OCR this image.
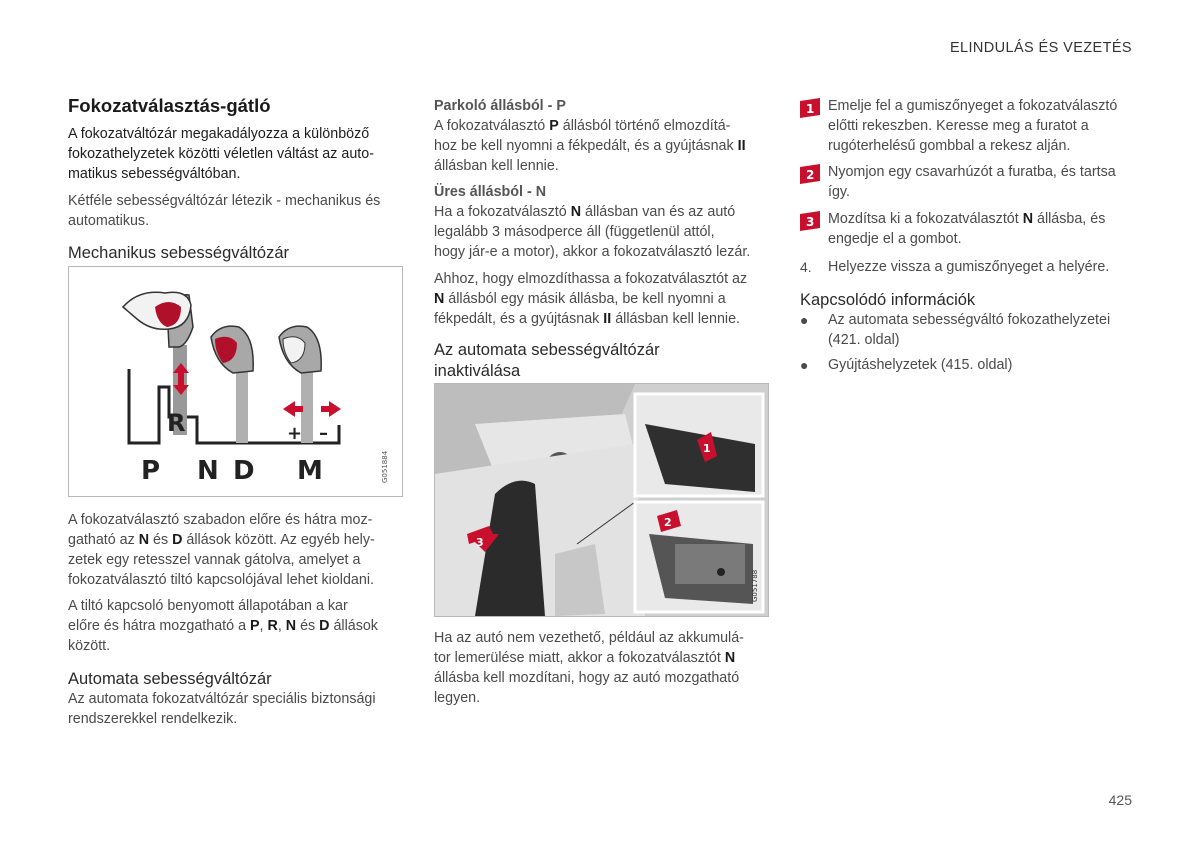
ELINDULÁS ÉS VEZETÉS
Fokozatválasztás-gátló
A fokozatváltózár megakadályozza a különböző
fokozathelyzetek közötti véletlen váltást az auto-
matikus sebességváltóban.
Kétféle sebességváltózár létezik - mechanikus és
automatikus.
Mechanikus sebességváltózár
R	+ –
P N D M	G051884
A fokozatválasztó szabadon előre és hátra moz-
gatható az N és D állások között. Az egyéb hely-
zetek egy retesszel vannak gátolva, amelyet a
fokozatválasztó tiltó kapcsolójával lehet kioldani.
A tiltó kapcsoló benyomott állapotában a kar
előre és hátra mozgatható a P, R, N és D állások
között.
Automata sebességváltózár
Az automata fokozatváltózár speciális biztonsági
rendszerekkel rendelkezik.
Parkoló állásból - P
A fokozatválasztó P állásból történő elmozdítá-
hoz be kell nyomni a fékpedált, és a gyújtásnak II
állásban kell lennie.
Üres állásból - N
Ha a fokozatválasztó N állásban van és az autó
legalább 3 másodperce áll (függetlenül attól,
hogy jár-e a motor), akkor a fokozatválasztó lezár.
Ahhoz, hogy elmozdíthassa a fokozatválasztót az
N állásból egy másik állásba, be kell nyomni a
fékpedált, és a gyújtásnak II állásban kell lennie.
Az automata sebességváltózár
inaktiválása
3
1
2
G051788
Ha az autó nem vezethető, például az akkumulá-
tor lemerülése miatt, akkor a fokozatválasztót N
állásba kell mozdítani, hogy az autó mozgatható
legyen.
1 Emelje fel a gumiszőnyeget a fokozatválasztó
előtti rekeszben. Keresse meg a furatot a
rugóterhelésű gombbal a rekesz alján.
2 Nyomjon egy csavarhúzót a furatba, és tartsa
így.
3 Mozdítsa ki a fokozatválasztót N állásba, és
engedje el a gombot.
4. Helyezze vissza a gumiszőnyeget a helyére.
Kapcsolódó információk
● Az automata sebességváltó fokozathelyzetei
(421. oldal)
● Gyújtáshelyzetek (415. oldal)
425
